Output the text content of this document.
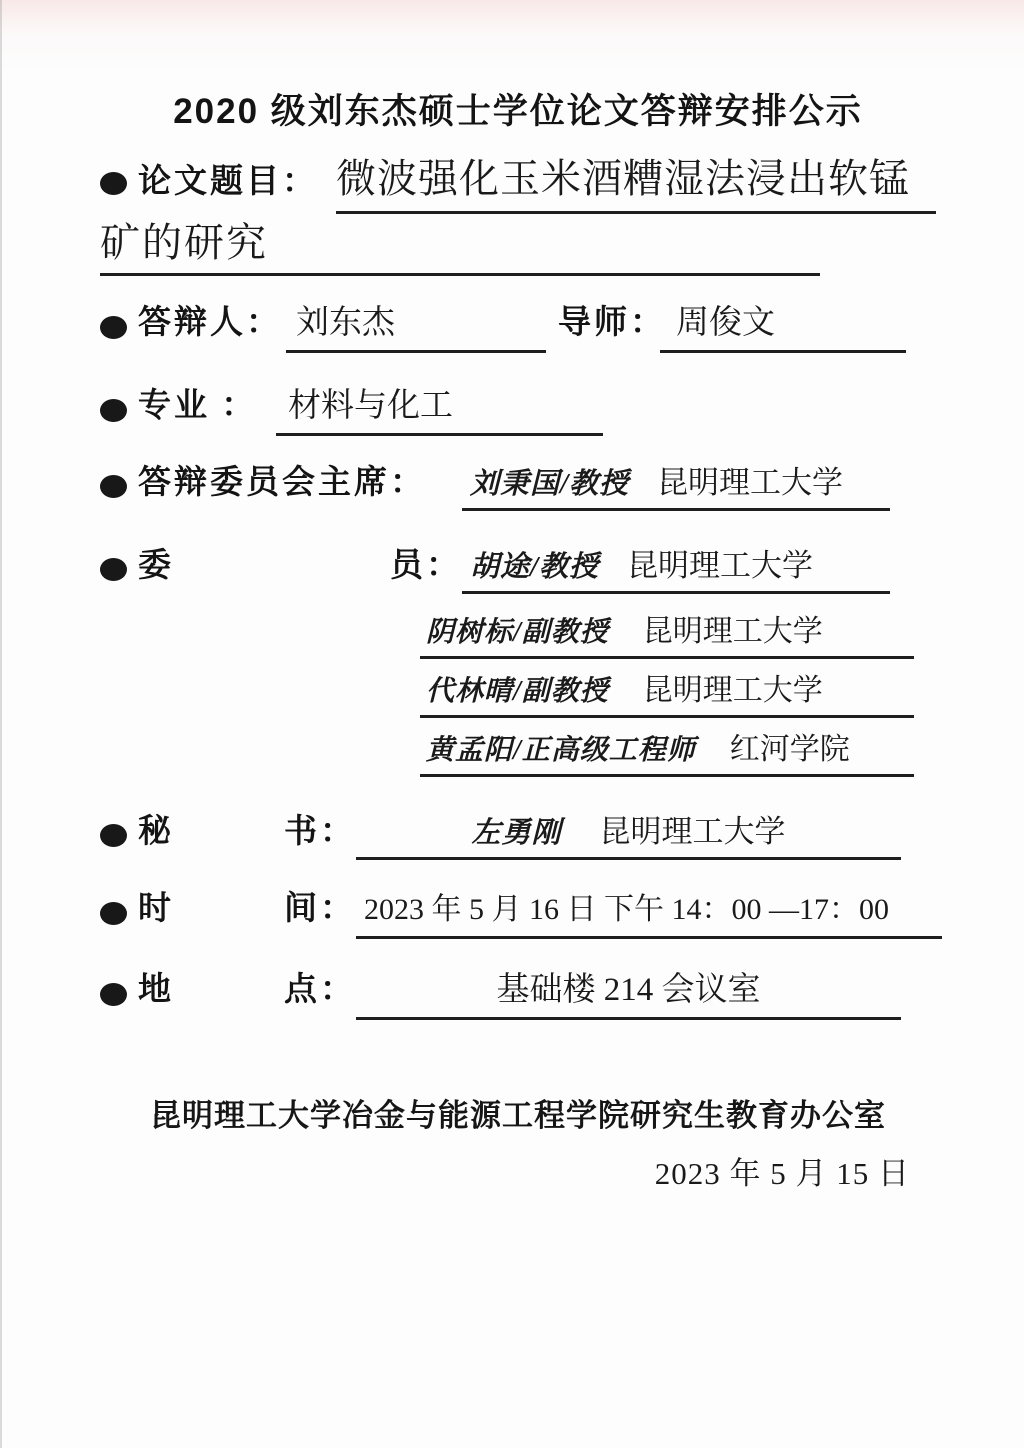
2020 级刘东杰硕士学位论文答辩安排公示
论文题目： 微波强化玉米酒糟湿法浸出软锰
矿的研究
答辩人： 刘东杰	导师： 周俊文
专业 ： 材料与化工
答辩委员会主席：	刘秉国/教授 昆明理工大学
委	员： 胡途/教授 昆明理工大学
阴树标/副教授 昆明理工大学
代林晴/副教授 昆明理工大学
黄孟阳/正高级工程师 红河学院
秘	书：	左勇刚 昆明理工大学
时	间： 2023 年 5 月 16 日 下午 14：00 —17：00
地	点：	基础楼 214 会议室
昆明理工大学冶金与能源工程学院研究生教育办公室
2023 年 5 月 15 日
